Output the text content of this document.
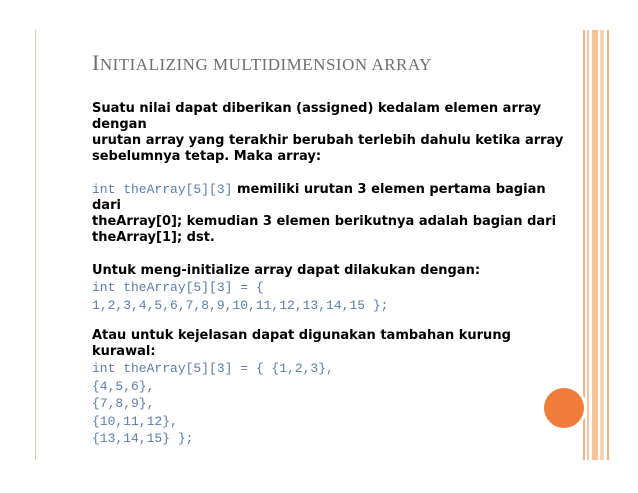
INITIALIZING MULTIDIMENSION ARRAY

Suatu nilai dapat diberikan (assigned) kedalam elemen array dengan
urutan array yang terakhir berubah terlebih dahulu ketika array
sebelumnya tetap. Maka array:

int theArray[5][3] memiliki urutan 3 elemen pertama bagian dari
theArray[0]; kemudian 3 elemen berikutnya adalah bagian dari
theArray[1]; dst.

Untuk meng-initialize array dapat dilakukan dengan:

int theArray[5][3] = {
1,2,3,4,5,6,7,8,9,10,11,12,13,14,15 };

Atau untuk kejelasan dapat digunakan tambahan kurung kurawal:

int theArray[5][3] = { {1,2,3},
{4,5,6},
{7,8,9},
{10,11,12},
{13,14,15} };
